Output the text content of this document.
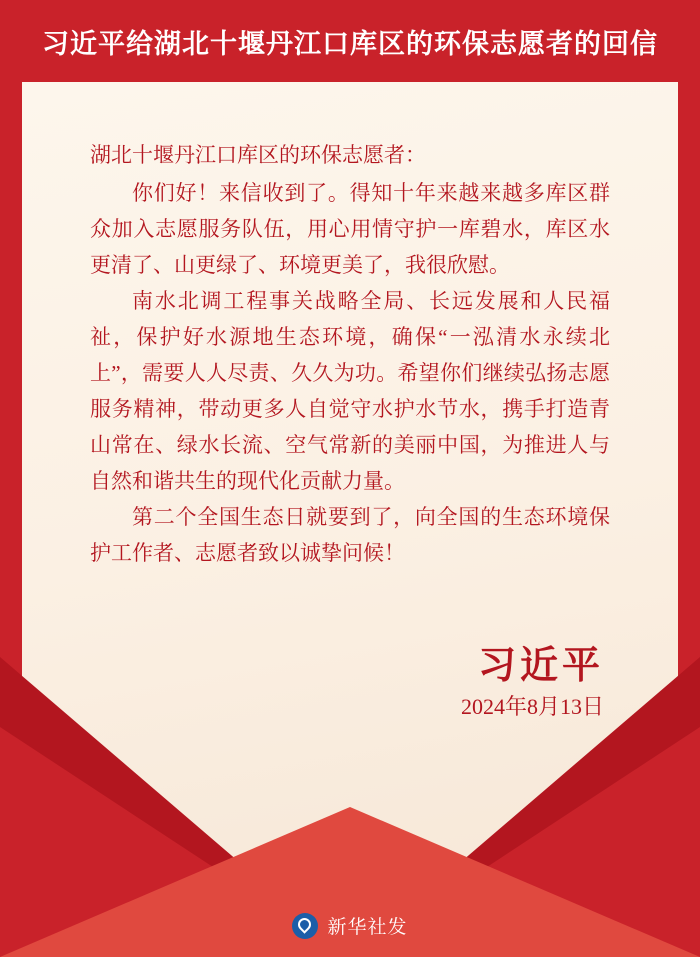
习近平给湖北十堰丹江口库区的环保志愿者的回信

湖北十堰丹江口库区的环保志愿者：

你们好！来信收到了。得知十年来越来越多库区群众加入志愿服务队伍，用心用情守护一库碧水，库区水更清了、山更绿了、环境更美了，我很欣慰。

南水北调工程事关战略全局、长远发展和人民福祉，保护好水源地生态环境，确保“一泓清水永续北上”，需要人人尽责、久久为功。希望你们继续弘扬志愿服务精神，带动更多人自觉守水护水节水，携手打造青山常在、绿水长流、空气常新的美丽中国，为推进人与自然和谐共生的现代化贡献力量。

第二个全国生态日就要到了，向全国的生态环境保护工作者、志愿者致以诚挚问候！

习近平
2024年8月13日
新华社发
